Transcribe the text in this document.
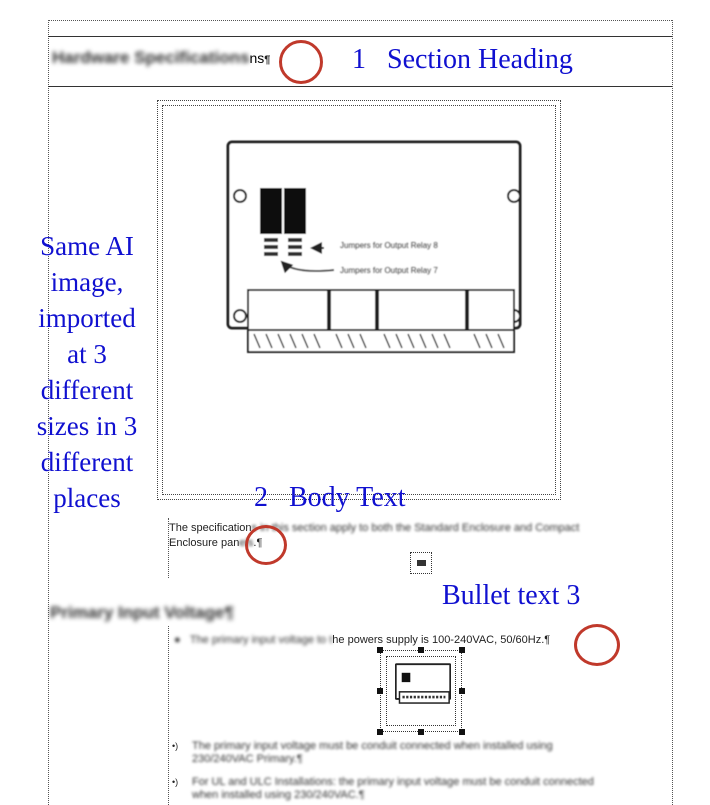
Hardware Specificationsns¶	1   Section Heading
Same AI
image,
imported
at 3
different
sizes in 3
different
places
Jumpers for Output Relay 8
Jumpers for Output Relay 7
2   Body Text
The specifications in this section apply to both the Standard Enclosure and Compact
Enclosure panels.¶
Primary Input Voltage¶
Bullet text 3
● The primary input voltage to the powers supply is 100-240VAC, 50/60Hz.¶
•) The primary input voltage must be conduit connected when installed using
230/240VAC Primary.¶
•) For UL and ULC Installations: the primary input voltage must be conduit connected
when installed using 230/240VAC.¶
